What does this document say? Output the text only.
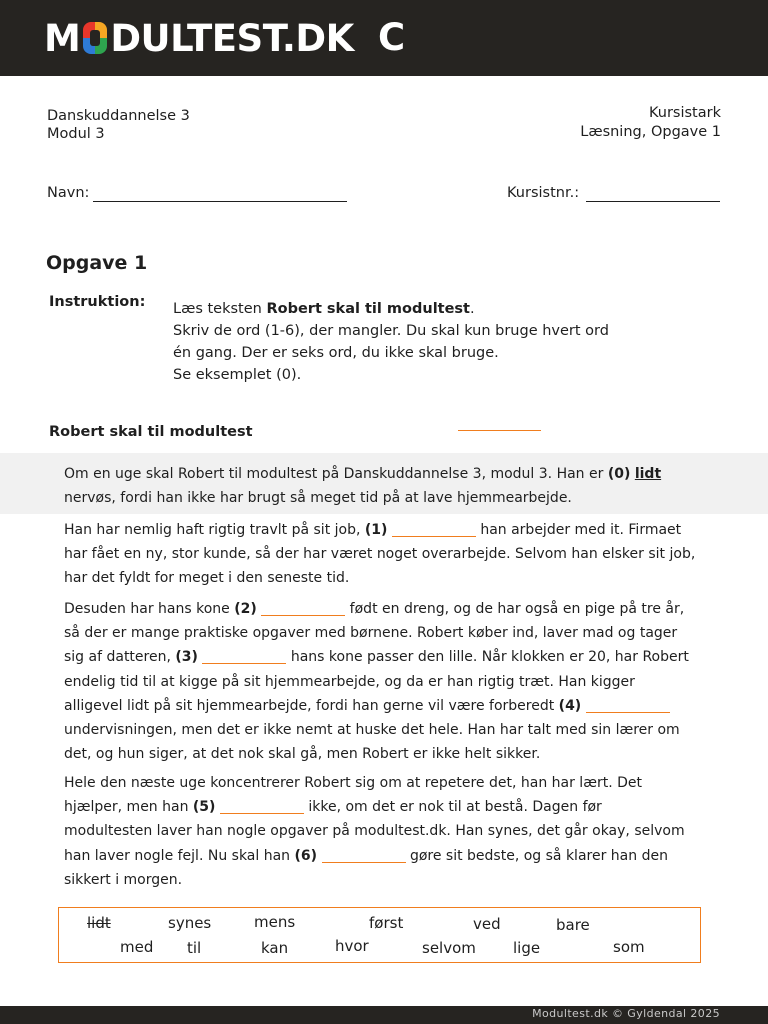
M DULTEST.DK C
Danskuddannelse 3
Modul 3
Kursistark
Læsning, Opgave 1
Navn:	Kursistnr.:
Opgave 1
Instruktion: Læs teksten Robert skal til modultest.

Skriv de ord (1-6), der mangler. Du skal kun bruge hvert ord

én gang. Der er seks ord, du ikke skal bruge.

Se eksemplet (0).

Robert skal til modultest
Om en uge skal Robert til modultest på Danskuddannelse 3, modul 3. Han er (0) lidt
nervøs, fordi han ikke har brugt så meget tid på at lave hjemmearbejde.
Han har nemlig haft rigtig travlt på sit job, (1)	han arbejder med it. Firmaet
har fået en ny, stor kunde, så der har været noget overarbejde. Selvom han elsker sit job,
har det fyldt for meget i den seneste tid.
Desuden har hans kone (2)	født en dreng, og de har også en pige på tre år,
så der er mange praktiske opgaver med børnene. Robert køber ind, laver mad og tager
sig af datteren, (3)	hans kone passer den lille. Når klokken er 20, har Robert
endelig tid til at kigge på sit hjemmearbejde, og da er han rigtig træt. Han kigger
alligevel lidt på sit hjemmearbejde, fordi han gerne vil være forberedt (4)
undervisningen, men det er ikke nemt at huske det hele. Han har talt med sin lærer om
det, og hun siger, at det nok skal gå, men Robert er ikke helt sikker.
Hele den næste uge koncentrerer Robert sig om at repetere det, han har lært. Det
hjælper, men han (5)	ikke, om det er nok til at bestå. Dagen før
modultesten laver han nogle opgaver på modultest.dk. Han synes, det går okay, selvom
han laver nogle fejl. Nu skal han (6)	gøre sit bedste, og så klarer han den
sikkert i morgen.
lidt	synes	mens	først	ved	bare
med til	kan	hvor	selvom lige	som
Modultest.dk © Gyldendal 2025
